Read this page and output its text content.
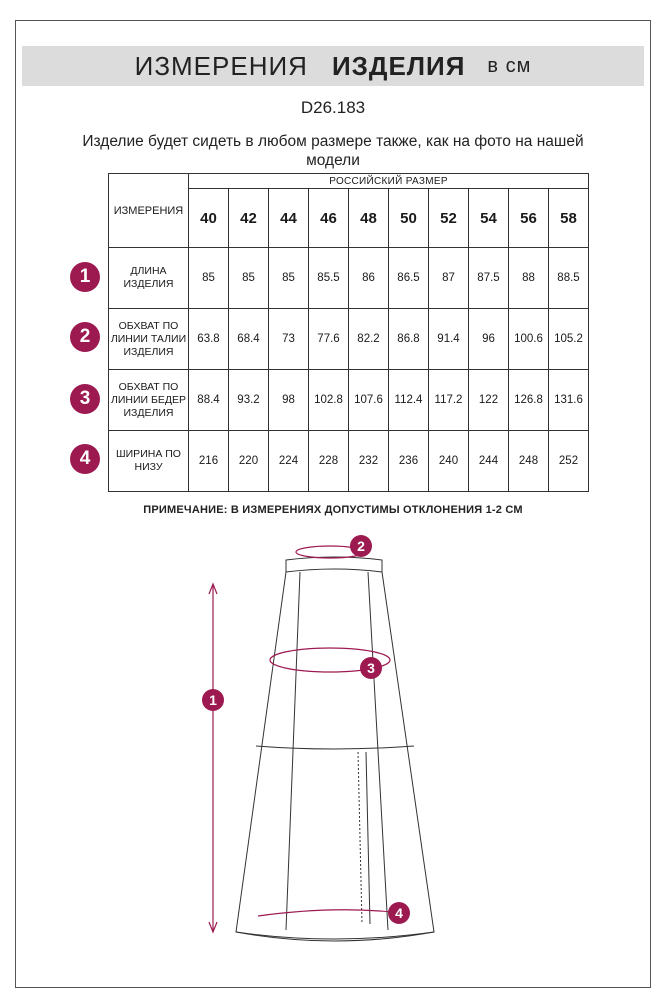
ИЗМЕРЕНИЯ ИЗДЕЛИЯ в см
D26.183
Изделие будет сидеть в любом размере также, как на фото на нашей модели
ИЗМЕРЕНИЯ	РОССИЙСКИЙ РАЗМЕР									
	40	42	44	46	48	50	52	54	56	58
ДЛИНА ИЗДЕЛИЯ	85	85	85	85.5	86	86.5	87	87.5	88	88.5
ОБХВАТ ПО ЛИНИИ ТАЛИИ ИЗДЕЛИЯ	63.8	68.4	73	77.6	82.2	86.8	91.4	96	100.6	105.2
ОБХВАТ ПО ЛИНИИ БЕДЕР ИЗДЕЛИЯ	88.4	93.2	98	102.8	107.6	112.4	117.2	122	126.8	131.6
ШИРИНА ПО НИЗУ	216	220	224	228	232	236	240	244	248	252
1
2
3
4
ПРИМЕЧАНИЕ: В ИЗМЕРЕНИЯХ ДОПУСТИМЫ ОТКЛОНЕНИЯ 1-2 СМ
2
3
1
4
